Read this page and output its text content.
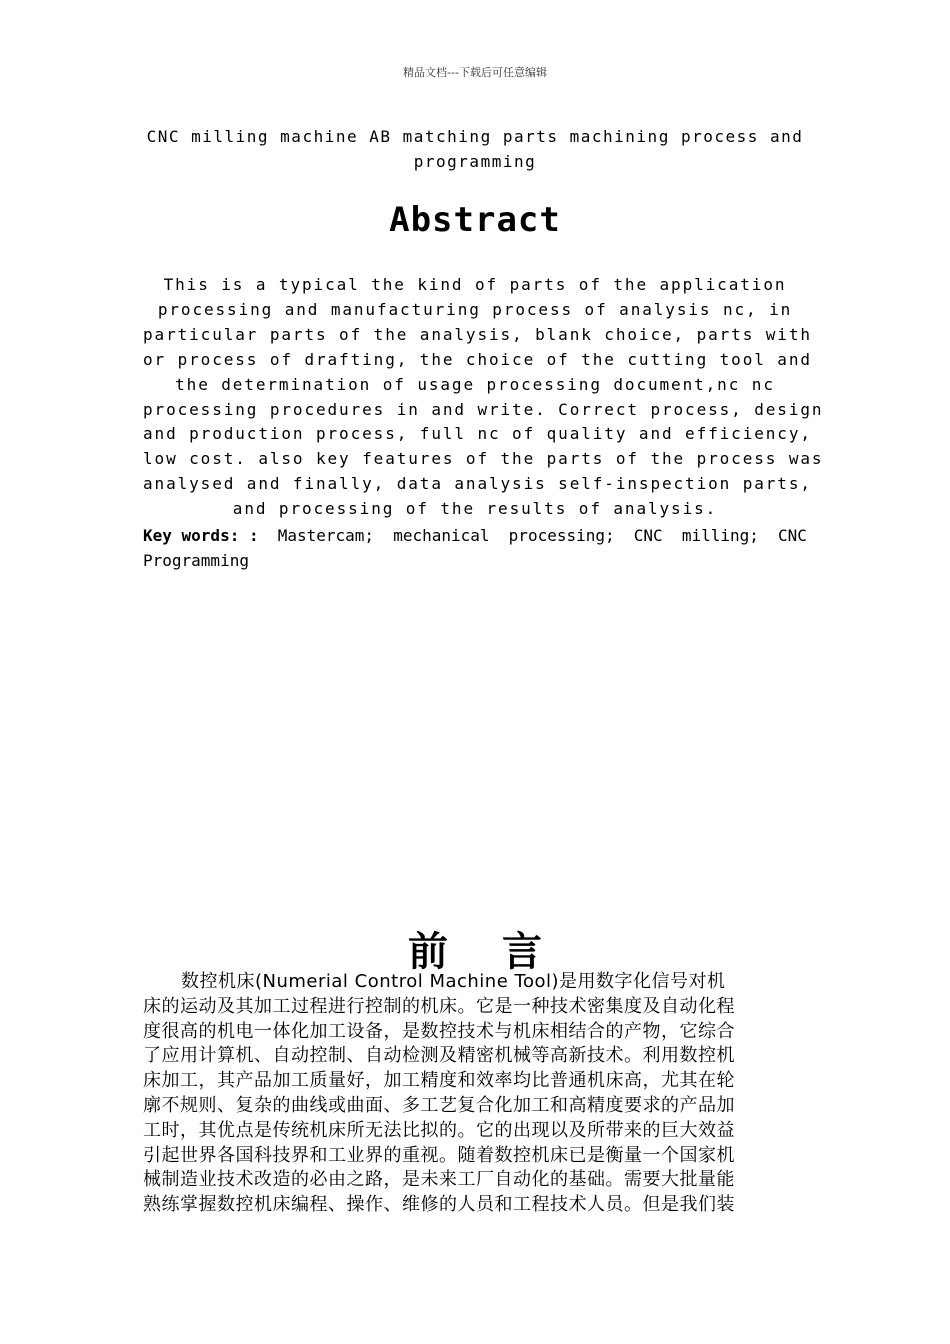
精品文档---下载后可任意编辑
CNC milling machine AB matching parts machining process and
programming
Abstract
This is a typical the kind of parts of the application
processing and manufacturing process of analysis nc, in
particular parts of the analysis, blank choice, parts with
or process of drafting, the choice of the cutting tool and
the determination of usage processing document,nc nc
processing procedures in and write. Correct process, design
and production process, full nc of quality and efficiency,
low cost. also key features of the parts of the process was
analysed and finally, data analysis self-inspection parts,
and processing of the results of analysis.
Key words: : Mastercam; mechanical processing; CNC milling; CNC
Programming
前言
数控机床(Numerial Control Machine Tool)是用数字化信号对机
床的运动及其加工过程进行控制的机床。它是一种技术密集度及自动化程
度很高的机电一体化加工设备，是数控技术与机床相结合的产物，它综合
了应用计算机、自动控制、自动检测及精密机械等高新技术。利用数控机
床加工，其产品加工质量好，加工精度和效率均比普通机床高，尤其在轮
廓不规则、复杂的曲线或曲面、多工艺复合化加工和高精度要求的产品加
工时，其优点是传统机床所无法比拟的。它的出现以及所带来的巨大效益
引起世界各国科技界和工业界的重视。随着数控机床已是衡量一个国家机
械制造业技术改造的必由之路，是未来工厂自动化的基础。需要大批量能
熟练掌握数控机床编程、操作、维修的人员和工程技术人员。但是我们装
